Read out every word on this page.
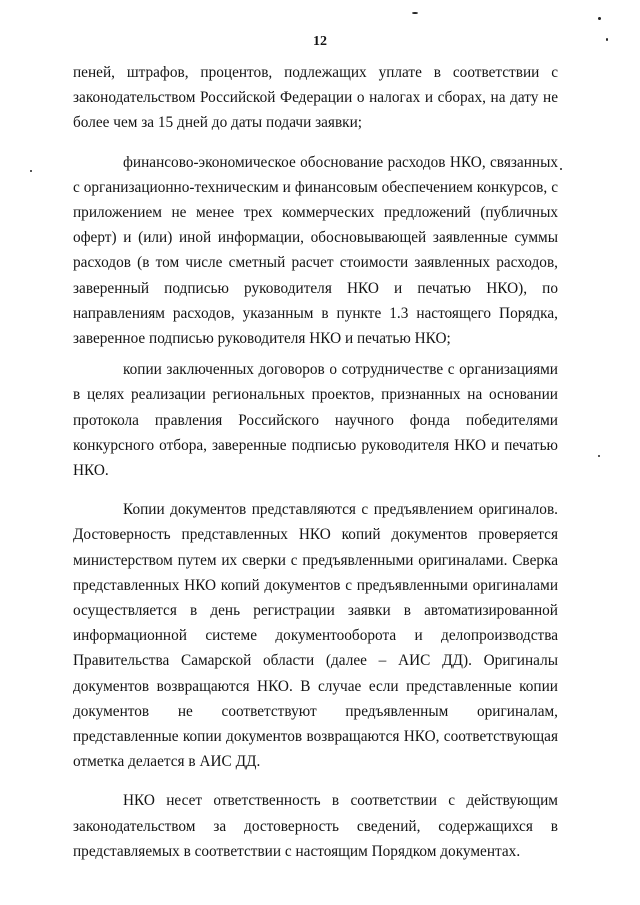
12

пеней, штрафов, процентов, подлежащих уплате в соответствии с законодательством Российской Федерации о налогах и сборах, на дату не более чем за 15 дней до даты подачи заявки;

финансово-экономическое обоснование расходов НКО, связанных с организационно-техническим и финансовым обеспечением конкурсов, с приложением не менее трех коммерческих предложений (публичных оферт) и (или) иной информации, обосновывающей заявленные суммы расходов (в том числе сметный расчет стоимости заявленных расходов, заверенный подписью руководителя НКО и печатью НКО), по направлениям расходов, указанным в пункте 1.3 настоящего Порядка, заверенное подписью руководителя НКО и печатью НКО;

копии заключенных договоров о сотрудничестве с организациями в целях реализации региональных проектов, признанных на основании протокола правления Российского научного фонда победителями конкурсного отбора, заверенные подписью руководителя НКО и печатью НКО.

Копии документов представляются с предъявлением оригиналов. Достоверность представленных НКО копий документов проверяется министерством путем их сверки с предъявленными оригиналами. Сверка представленных НКО копий документов с предъявленными оригиналами осуществляется в день регистрации заявки в автоматизированной информационной системе документооборота и делопроизводства Правительства Самарской области (далее – АИС ДД). Оригиналы документов возвращаются НКО. В случае если представленные копии документов не соответствуют предъявленным оригиналам, представленные копии документов возвращаются НКО, соответствующая отметка делается в АИС ДД.

НКО несет ответственность в соответствии с действующим законодательством за достоверность сведений, содержащихся в представляемых в соответствии с настоящим Порядком документах.
